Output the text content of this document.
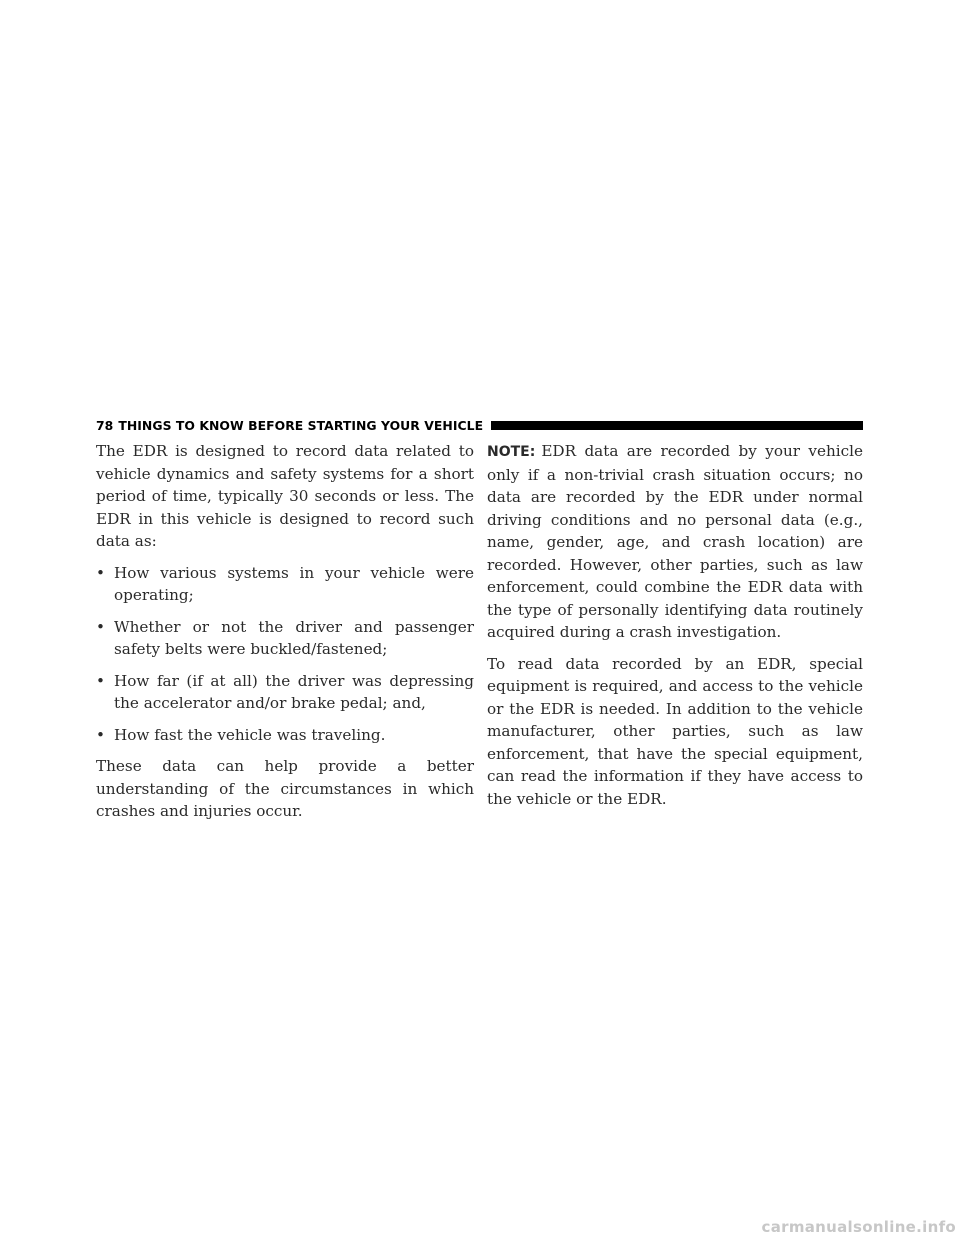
78 THINGS TO KNOW BEFORE STARTING YOUR VEHICLE

The EDR is designed to record data related to vehicle dynamics and safety systems for a short period of time, typically 30 seconds or less. The EDR in this vehicle is designed to record such data as:

• How various systems in your vehicle were operating;
• Whether or not the driver and passenger safety belts were buckled/fastened;
• How far (if at all) the driver was depressing the accelerator and/or brake pedal; and,
• How fast the vehicle was traveling.

These data can help provide a better understanding of the circumstances in which crashes and injuries occur.

NOTE: EDR data are recorded by your vehicle only if a non-trivial crash situation occurs; no data are recorded by the EDR under normal driving conditions and no personal data (e.g., name, gender, age, and crash location) are recorded. However, other parties, such as law enforcement, could combine the EDR data with the type of personally identifying data routinely acquired during a crash investigation.

To read data recorded by an EDR, special equipment is required, and access to the vehicle or the EDR is needed. In addition to the vehicle manufacturer, other parties, such as law enforcement, that have the special equipment, can read the information if they have access to the vehicle or the EDR.

carmanualsonline.info
